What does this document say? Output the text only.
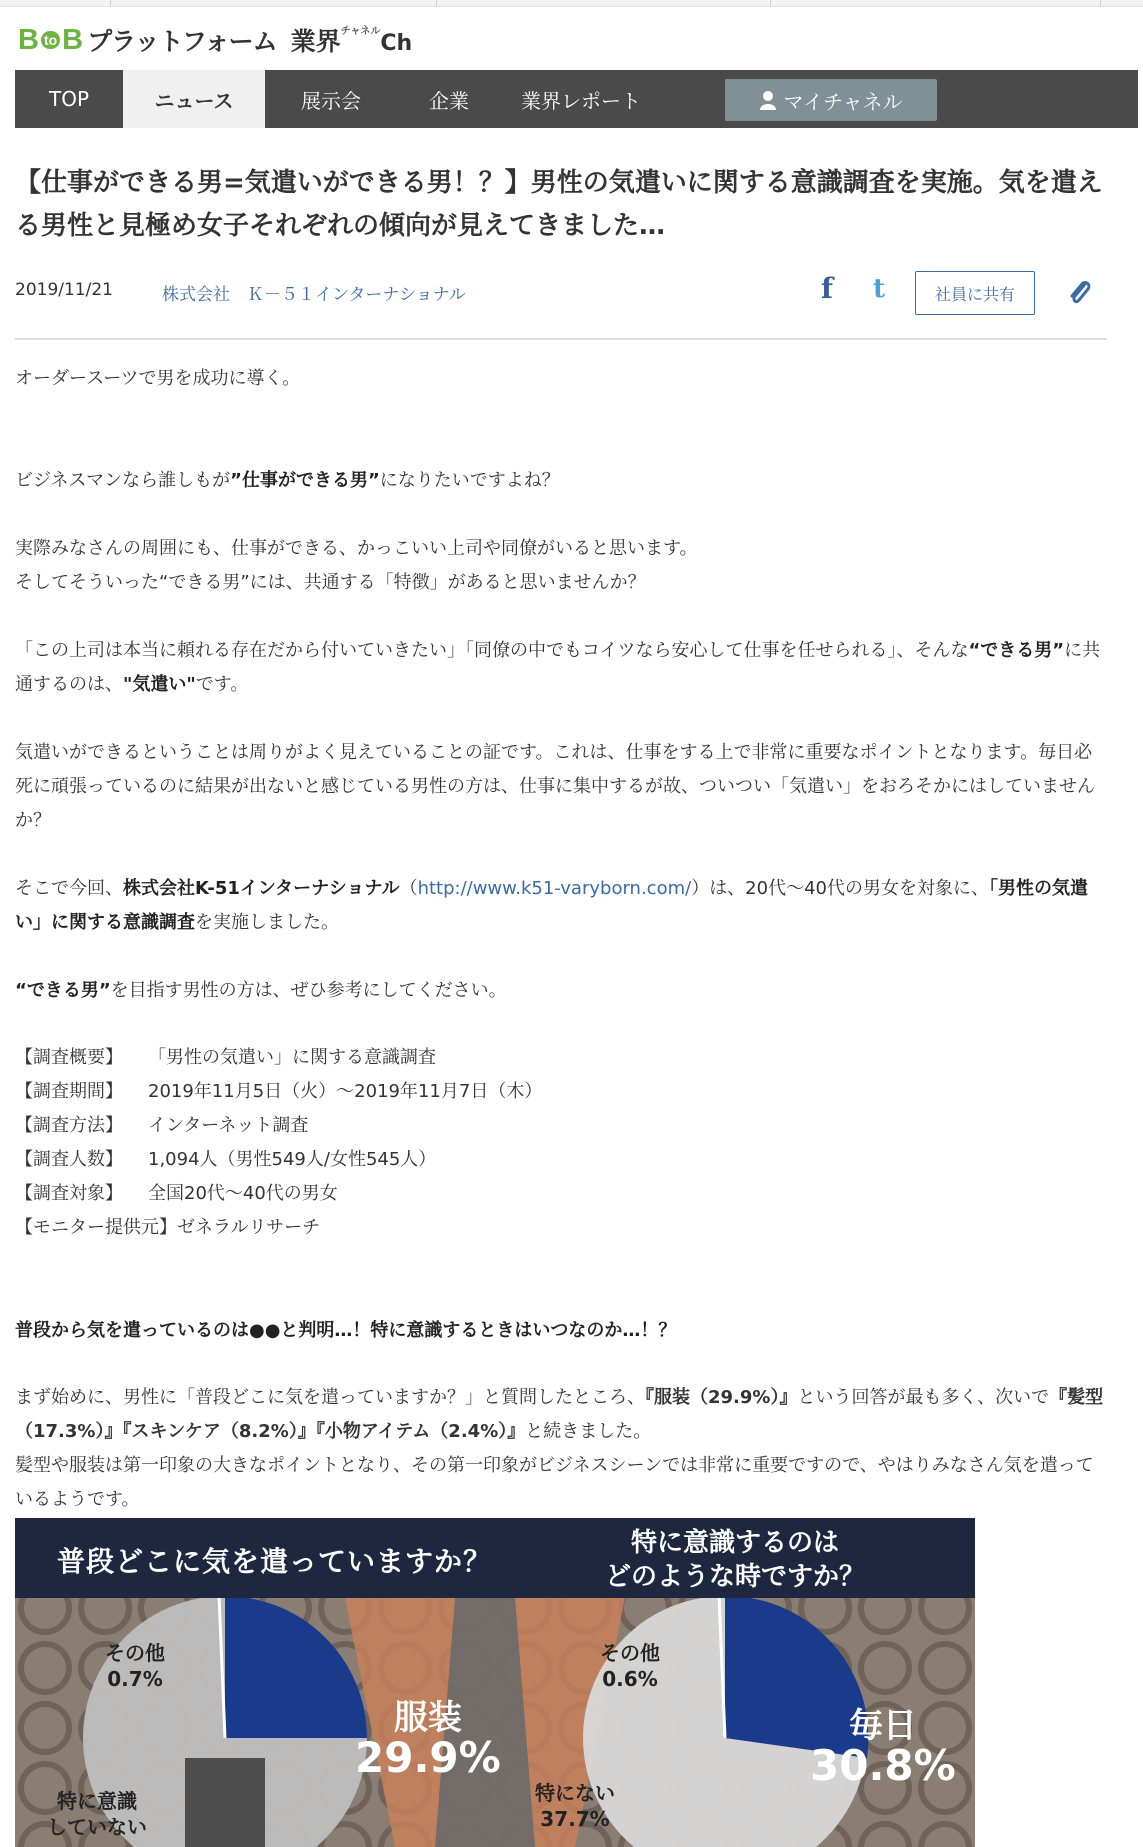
B to B プラットフォーム 業界$^{チャネル}$Ch
TOP	ニュース	展示会	企業	業界レポート	マイチャネル
【仕事ができる男=気遣いができる男！？】男性の気遣いに関する意識調査を実施。気を遣える男性と見極め女子それぞれの傾向が見えてきました…
2019/11/21	株式会社　Ｋ－５１インターナショナル	f t	社員に共有

オーダースーツで男を成功に導く。

ビジネスマンなら誰しもが”仕事ができる男”になりたいですよね？

実際みなさんの周囲にも、仕事ができる、かっこいい上司や同僚がいると思います。

そしてそういった“できる男”には、共通する「特徴」があると思いませんか？

「この上司は本当に頼れる存在だから付いていきたい」「同僚の中でもコイツなら安心して仕事を任せられる」、そんな“できる男”に共通するのは、"気遣い"です。

気遣いができるということは周りがよく見えていることの証です。これは、仕事をする上で非常に重要なポイントとなります。毎日必死に頑張っているのに結果が出ないと感じている男性の方は、仕事に集中するが故、ついつい「気遣い」をおろそかにはしていませんか？

そこで今回、株式会社K-51インターナショナル（http://www.k51-varyborn.com/）は、20代〜40代の男女を対象に、「男性の気遣い」に関する意識調査を実施しました。

“できる男”を目指す男性の方は、ぜひ参考にしてください。

【調査概要】	「男性の気遣い」に関する意識調査
【調査期間】	2019年11月5日（火）〜2019年11月7日（木）
【調査方法】	インターネット調査
【調査人数】	1,094人（男性549人/女性545人）
【調査対象】	全国20代〜40代の男女
【モニター提供元】ゼネラルリサーチ
普段から気を遣っているのは●●と判明…！特に意識するときはいつなのか…！？

まず始めに、男性に「普段どこに気を遣っていますか？」と質問したところ、『服装（29.9%）』という回答が最も多く、次いで『髪型（17.3%）』『スキンケア（8.2%）』『小物アイテム（2.4%）』と続きました。

髪型や服装は第一印象の大きなポイントとなり、その第一印象がビジネスシーンでは非常に重要ですので、やはりみなさん気を遣っているようです。

普段どこに気を遣っていますか？
特に意識するのは
どのような時ですか？
その他
0.7%
服装
29.9%
特に意識
していない
その他
0.6%
特にない
37.7%
毎日
30.8%
